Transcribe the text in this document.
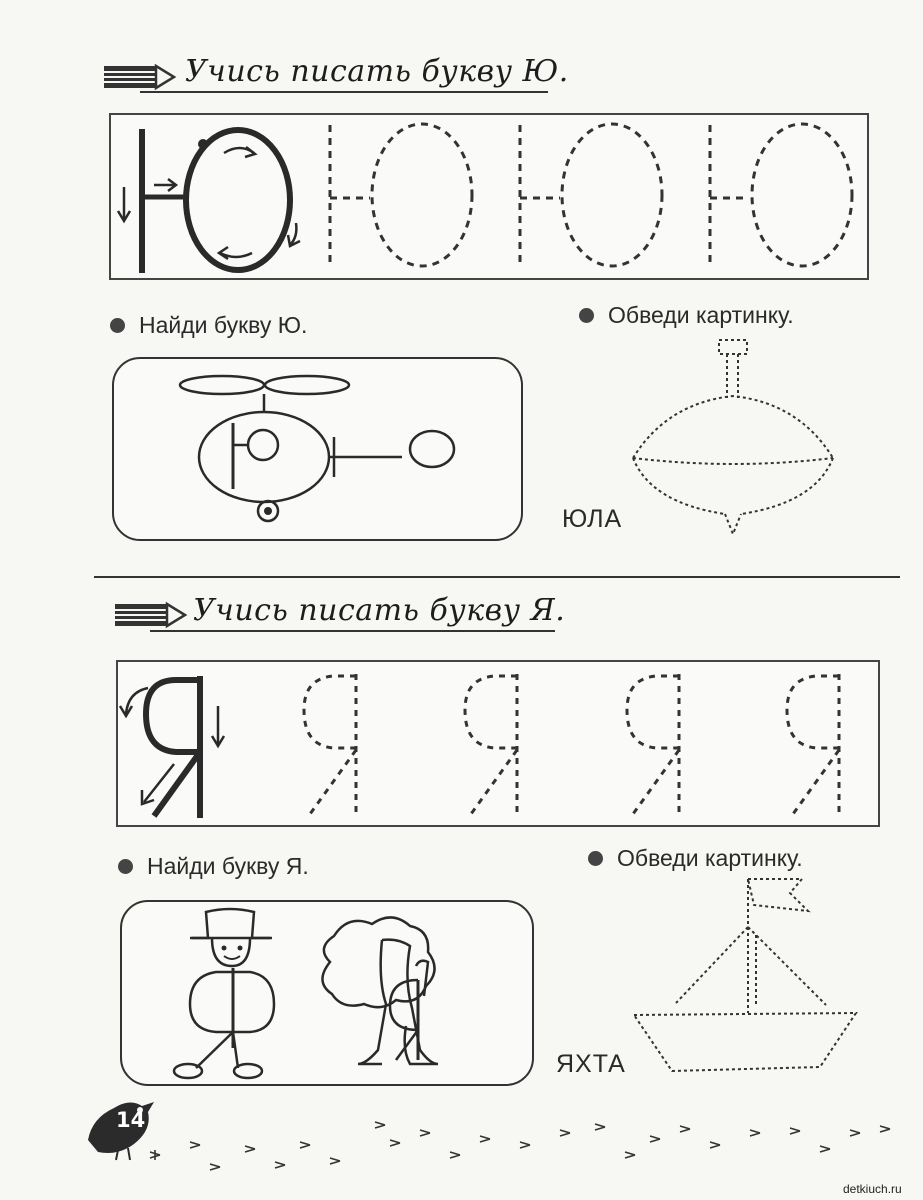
Учись писать букву Ю.
Найди букву Ю.	Обведи картинку.
ЮЛА
Учись писать букву Я.
Найди букву Я.	Обведи картинку.
ЯХТА
14
detkiuch.ru
